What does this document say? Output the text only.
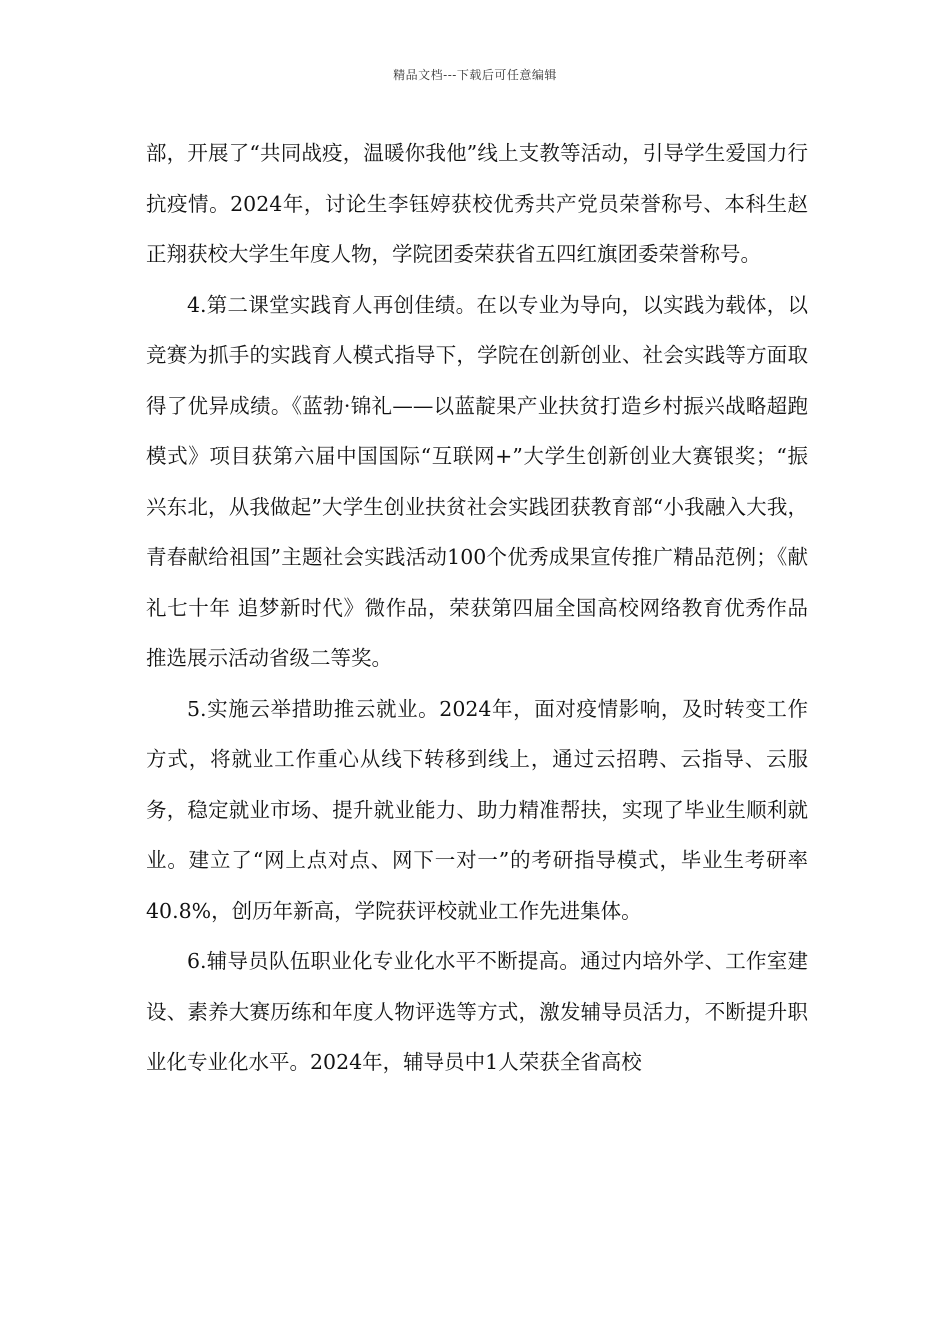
精品文档---下载后可任意编辑

部，开展了“共同战疫，温暖你我他”线上支教等活动，引导学生爱国力行抗疫情。2024年，讨论生李钰婷获校优秀共产党员荣誉称号、本科生赵正翔获校大学生年度人物，学院团委荣获省五四红旗团委荣誉称号。

4.第二课堂实践育人再创佳绩。在以专业为导向，以实践为载体，以竞赛为抓手的实践育人模式指导下，学院在创新创业、社会实践等方面取得了优异成绩。《蓝勃·锦礼——以蓝靛果产业扶贫打造乡村振兴战略超跑模式》项目获第六届中国国际“互联网+”大学生创新创业大赛银奖；“振兴东北，从我做起”大学生创业扶贫社会实践团获教育部“小我融入大我，青春献给祖国”主题社会实践活动100个优秀成果宣传推广精品范例；《献礼七十年 追梦新时代》微作品，荣获第四届全国高校网络教育优秀作品推选展示活动省级二等奖。

5.实施云举措助推云就业。2024年，面对疫情影响，及时转变工作方式，将就业工作重心从线下转移到线上，通过云招聘、云指导、云服务，稳定就业市场、提升就业能力、助力精准帮扶，实现了毕业生顺利就业。建立了“网上点对点、网下一对一”的考研指导模式，毕业生考研率40.8%，创历年新高，学院获评校就业工作先进集体。

6.辅导员队伍职业化专业化水平不断提高。通过内培外学、工作室建设、素养大赛历练和年度人物评选等方式，激发辅导员活力，不断提升职业化专业化水平。2024年，辅导员中1人荣获全省高校
